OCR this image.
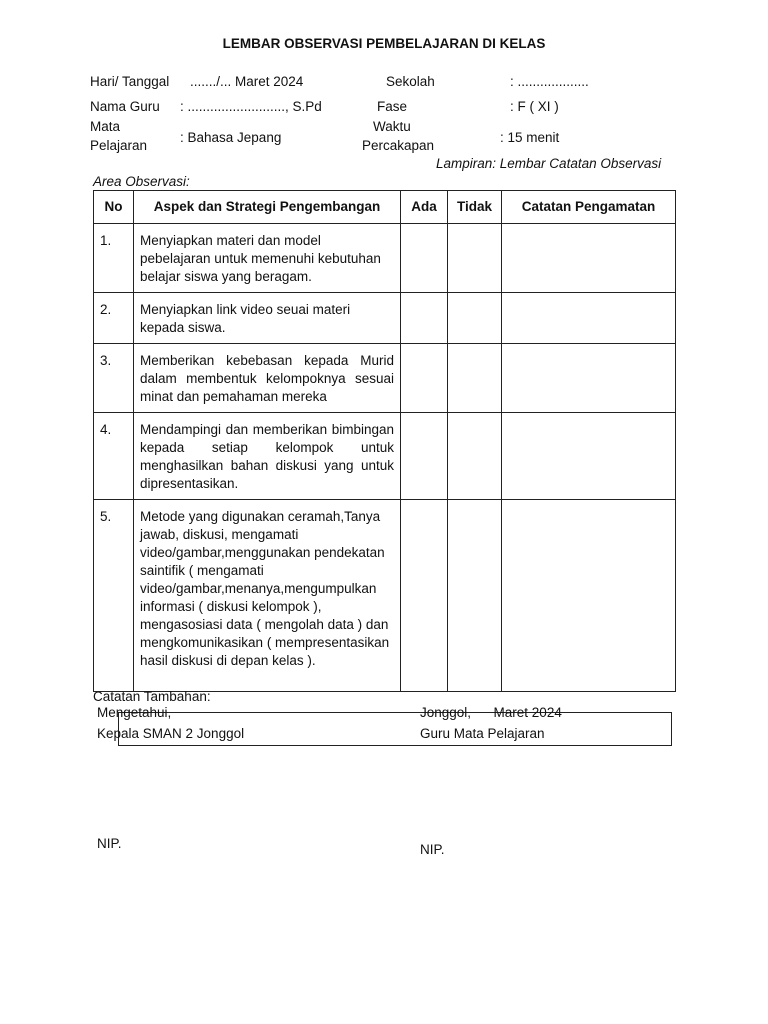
LEMBAR OBSERVASI PEMBELAJARAN DI KELAS
Hari/ Tanggal ......./... Maret 2024	Sekolah	: ...................
Nama Guru : .........................., S.Pd	Fase	: F ( XI )
Mata
Pelajaran
: Bahasa Jepang
Waktu
Percakapan
: 15 menit
Lampiran: Lembar Catatan Observasi
Area Observasi:
No	Aspek dan Strategi Pengembangan	Ada	Tidak	Catatan Pengamatan
1.	Menyiapkan materi dan model pebelajaran untuk memenuhi kebutuhan belajar siswa yang beragam.			
2.	Menyiapkan link video seuai materi kepada siswa.			
3.	Memberikan kebebasan kepada Murid dalam membentuk kelompoknya sesuai minat dan pemahaman mereka			
4.	Mendampingi dan memberikan bimbingan kepada setiap kelompok untuk menghasilkan bahan diskusi yang untuk dipresentasikan.			
5.	Metode yang digunakan ceramah,Tanya jawab, diskusi, mengamati video/gambar,menggunakan pendekatan saintifik ( mengamati video/gambar,menanya,mengumpulkan informasi ( diskusi kelompok ), mengasosiasi data ( mengolah data ) dan mengkomunikasikan ( mempresentasikan hasil diskusi di depan kelas ).			
Catatan Tambahan:
Mengetahui,
Kepala SMAN 2 Jonggol
NIP.
Jonggol,      Maret 2024
Guru Mata Pelajaran
NIP.
